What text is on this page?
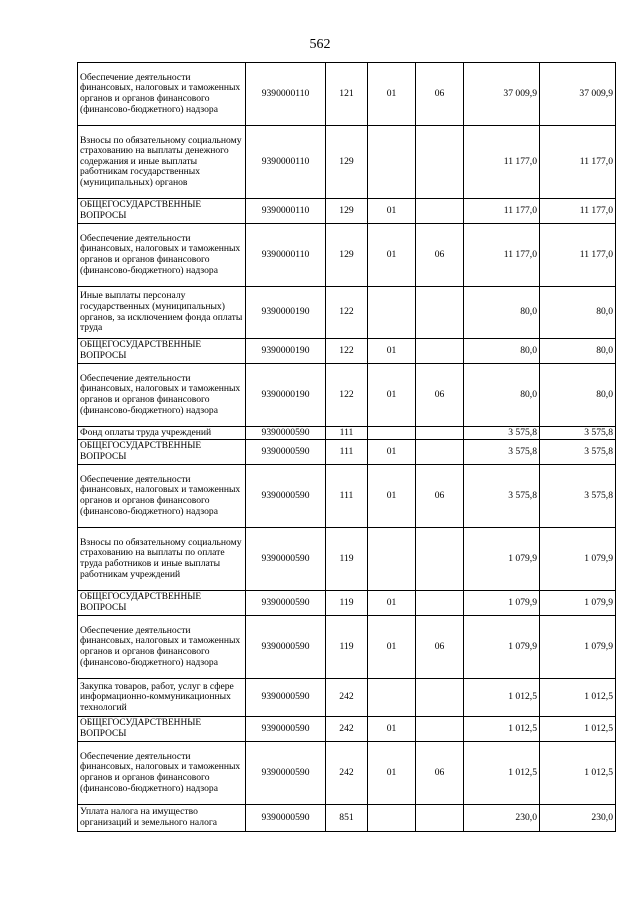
562
Обеспечение деятельности финансовых, налоговых и таможенных органов и органов финансового (финансово-бюджетного) надзора	9390000110	121	01	06	37 009,9	37 009,9
Взносы по обязательному социальному страхованию на выплаты денежного содержания и иные выплаты работникам государственных (муниципальных) органов	9390000110	129			11 177,0	11 177,0
ОБЩЕГОСУДАРСТВЕННЫЕ ВОПРОСЫ	9390000110	129	01		11 177,0	11 177,0
Обеспечение деятельности финансовых, налоговых и таможенных органов и органов финансового (финансово-бюджетного) надзора	9390000110	129	01	06	11 177,0	11 177,0
Иные выплаты персоналу государственных (муниципальных) органов, за исключением фонда оплаты труда	9390000190	122			80,0	80,0
ОБЩЕГОСУДАРСТВЕННЫЕ ВОПРОСЫ	9390000190	122	01		80,0	80,0
Обеспечение деятельности финансовых, налоговых и таможенных органов и органов финансового (финансово-бюджетного) надзора	9390000190	122	01	06	80,0	80,0
Фонд оплаты труда учреждений	9390000590	111			3 575,8	3 575,8
ОБЩЕГОСУДАРСТВЕННЫЕ ВОПРОСЫ	9390000590	111	01		3 575,8	3 575,8
Обеспечение деятельности финансовых, налоговых и таможенных органов и органов финансового (финансово-бюджетного) надзора	9390000590	111	01	06	3 575,8	3 575,8
Взносы по обязательному социальному страхованию на выплаты по оплате труда работников и иные выплаты работникам учреждений	9390000590	119			1 079,9	1 079,9
ОБЩЕГОСУДАРСТВЕННЫЕ ВОПРОСЫ	9390000590	119	01		1 079,9	1 079,9
Обеспечение деятельности финансовых, налоговых и таможенных органов и органов финансового (финансово-бюджетного) надзора	9390000590	119	01	06	1 079,9	1 079,9
Закупка товаров, работ, услуг в сфере информационно-коммуникационных технологий	9390000590	242			1 012,5	1 012,5
ОБЩЕГОСУДАРСТВЕННЫЕ ВОПРОСЫ	9390000590	242	01		1 012,5	1 012,5
Обеспечение деятельности финансовых, налоговых и таможенных органов и органов финансового (финансово-бюджетного) надзора	9390000590	242	01	06	1 012,5	1 012,5
Уплата налога на имущество организаций и земельного налога	9390000590	851			230,0	230,0
